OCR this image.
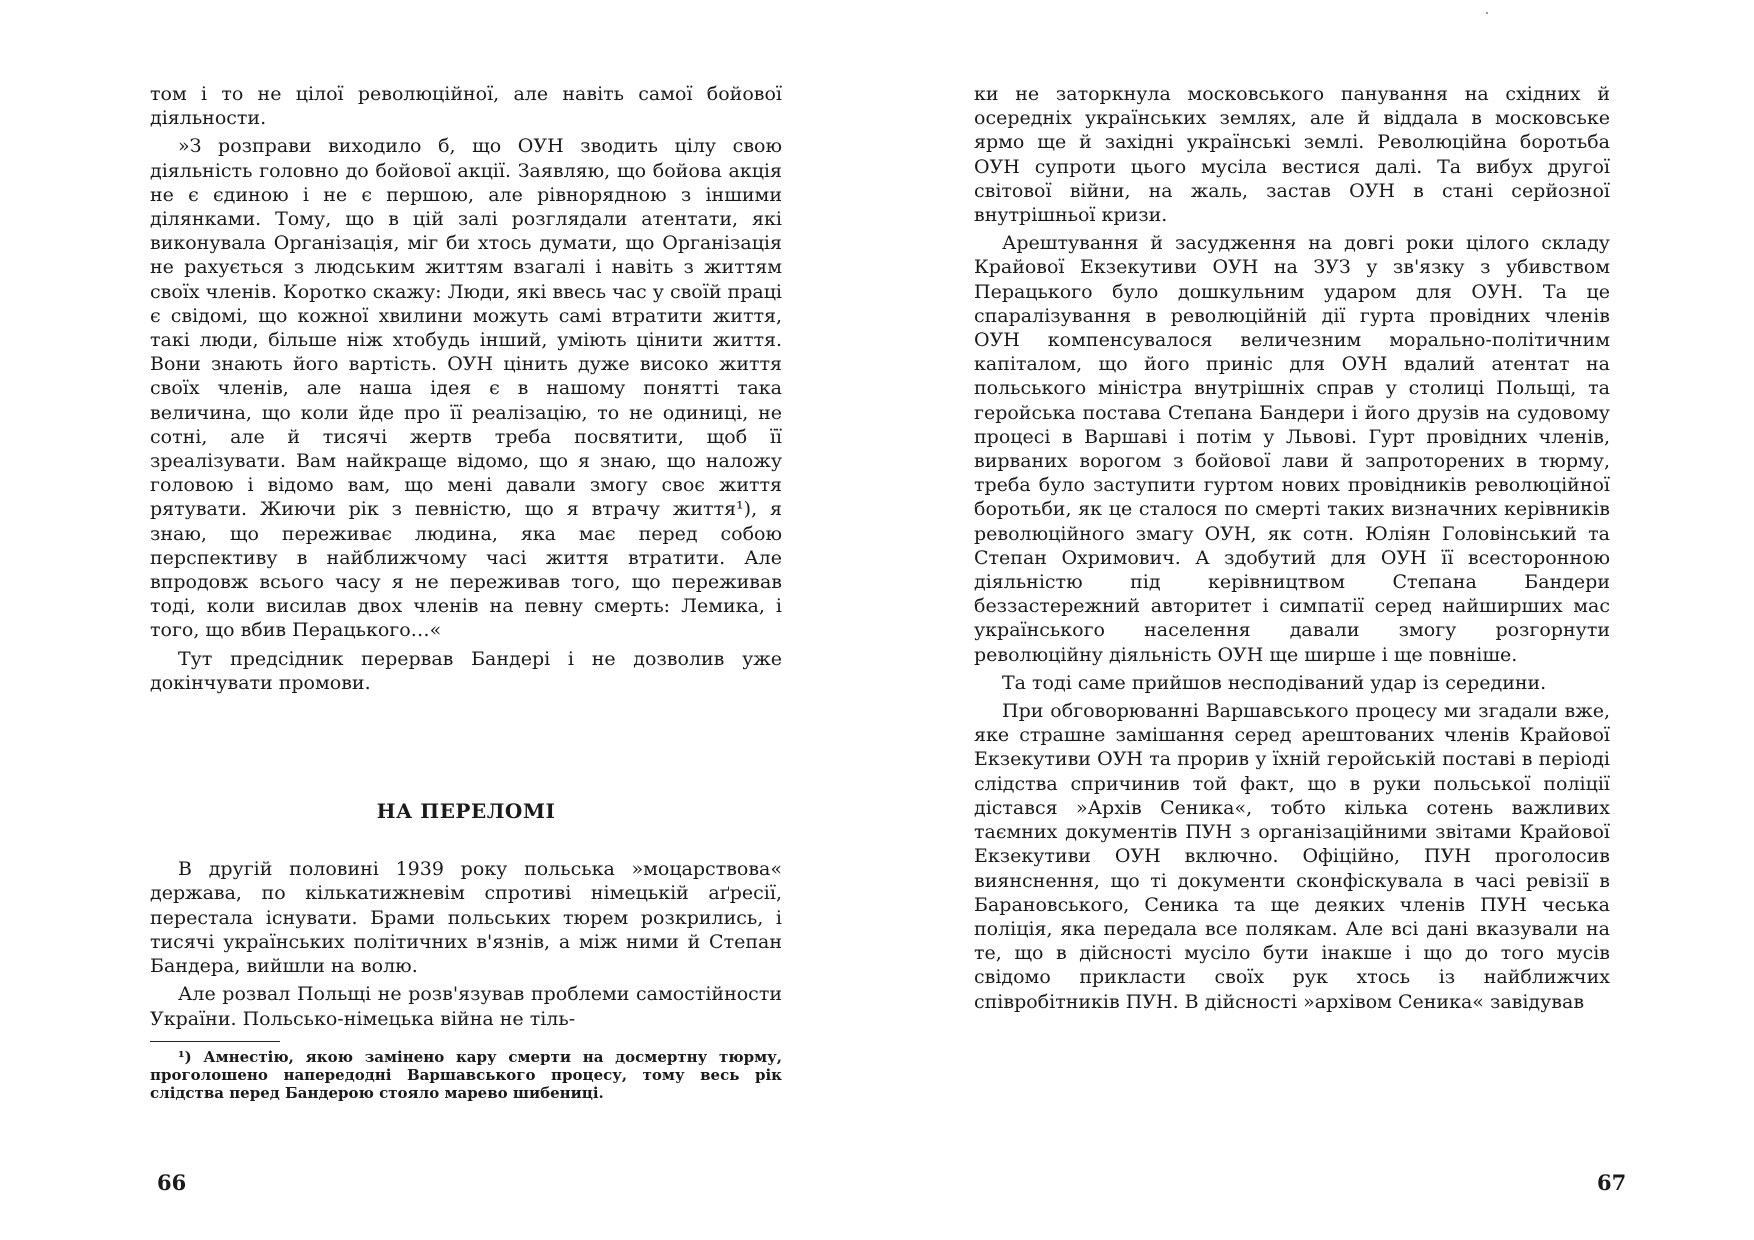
том і то не цілої революційної, але навіть самої бойової діяльности.

»З розправи виходило б, що ОУН зводить цілу свою діяльність головно до бойової акції. Заявляю, що бойова акція не є єдиною і не є першою, але рівнорядною з іншими ділянками. Тому, що в цій залі розглядали атентати, які виконувала Організація, міг би хтось думати, що Організація не рахується з людським життям взагалі і навіть з життям своїх членів. Коротко скажу: Люди, які ввесь час у своїй праці є свідомі, що кожної хвилини можуть самі втратити життя, такі люди, більше ніж хтобудь інший, уміють цінити життя. Вони знають його вартість. ОУН цінить дуже високо життя своїх членів, але наша ідея є в нашому понятті така величина, що коли йде про її реалізацію, то не одиниці, не сотні, але й тисячі жертв треба посвятити, щоб її зреалізувати. Вам найкраще відомо, що я знаю, що наложу головою і відомо вам, що мені давали змогу своє життя рятувати. Жиючи рік з певністю, що я втрачу життя¹), я знаю, що переживає людина, яка має перед собою перспективу в найближчому часі життя втратити. Але впродовж всього часу я не переживав того, що переживав тоді, коли висилав двох членів на певну смерть: Лемика, і того, що вбив Перацького…«

Тут предсідник перервав Бандері і не дозволив уже докінчувати промови.

НА ПЕРЕЛОМІ

В другій половині 1939 року польська »моцарствова« держава, по кількатижневім спротиві німецькій аґресії, перестала існувати. Брами польських тюрем розкрились, і тисячі українських політичних в'язнів, а між ними й Степан Бандера, вийшли на волю.

Але розвал Польщі не розв'язував проблеми самостійности України. Польсько-німецька війна не тіль-

¹) Амнестію, якою замінено кару смерти на досмертну тюрму, проголошено напередодні Варшавського процесу, тому весь рік слідства перед Бандерою стояло марево шибениці.

66

ки не заторкнула московського панування на східних й осередніх українських землях, але й віддала в московське ярмо ще й західні українські землі. Революційна боротьба ОУН супроти цього мусіла вестися далі. Та вибух другої світової війни, на жаль, застав ОУН в стані серйозної внутрішньої кризи.

Арештування й засудження на довгі роки цілого складу Крайової Екзекутиви ОУН на ЗУЗ у зв'язку з убивством Перацького було дошкульним ударом для ОУН. Та це спаралізування в революційній дії гурта провідних членів ОУН компенсувалося величезним морально-політичним капіталом, що його приніс для ОУН вдалий атентат на польського міністра внутрішніх справ у столиці Польщі, та геройська постава Степана Бандери і його друзів на судовому процесі в Варшаві і потім у Львові. Гурт провідних членів, вирваних ворогом з бойової лави й запроторених в тюрму, треба було заступити гуртом нових провідників революційної боротьби, як це сталося по смерті таких визначних керівників революційного змагу ОУН, як сотн. Юліян Головінський та Степан Охримович. А здобутий для ОУН її всесторонною діяльністю під керівництвом Степана Бандери беззастережний авторитет і симпатії серед найширших мас українського населення давали змогу розгорнути революційну діяльність ОУН ще ширше і ще повніше.

Та тоді саме прийшов несподіваний удар із середини.

При обговорюванні Варшавського процесу ми згадали вже, яке страшне замішання серед арештованих членів Крайової Екзекутиви ОУН та прорив у їхній геройській поставі в періоді слідства спричинив той факт, що в руки польської поліції дістався »Архів Сеника«, тобто кілька сотень важливих таємних документів ПУН з організаційними звітами Крайової Екзекутиви ОУН включно. Офіційно, ПУН проголосив виянснення, що ті документи сконфіскувала в часі ревізії в Барановського, Сеника та ще деяких членів ПУН чеська поліція, яка передала все полякам. Але всі дані вказували на те, що в дійсності мусіло бути інакше і що до того мусів свідомо прикласти своїх рук хтось із найближчих співробітників ПУН. В дійсності »архівом Сеника« завідував

67
